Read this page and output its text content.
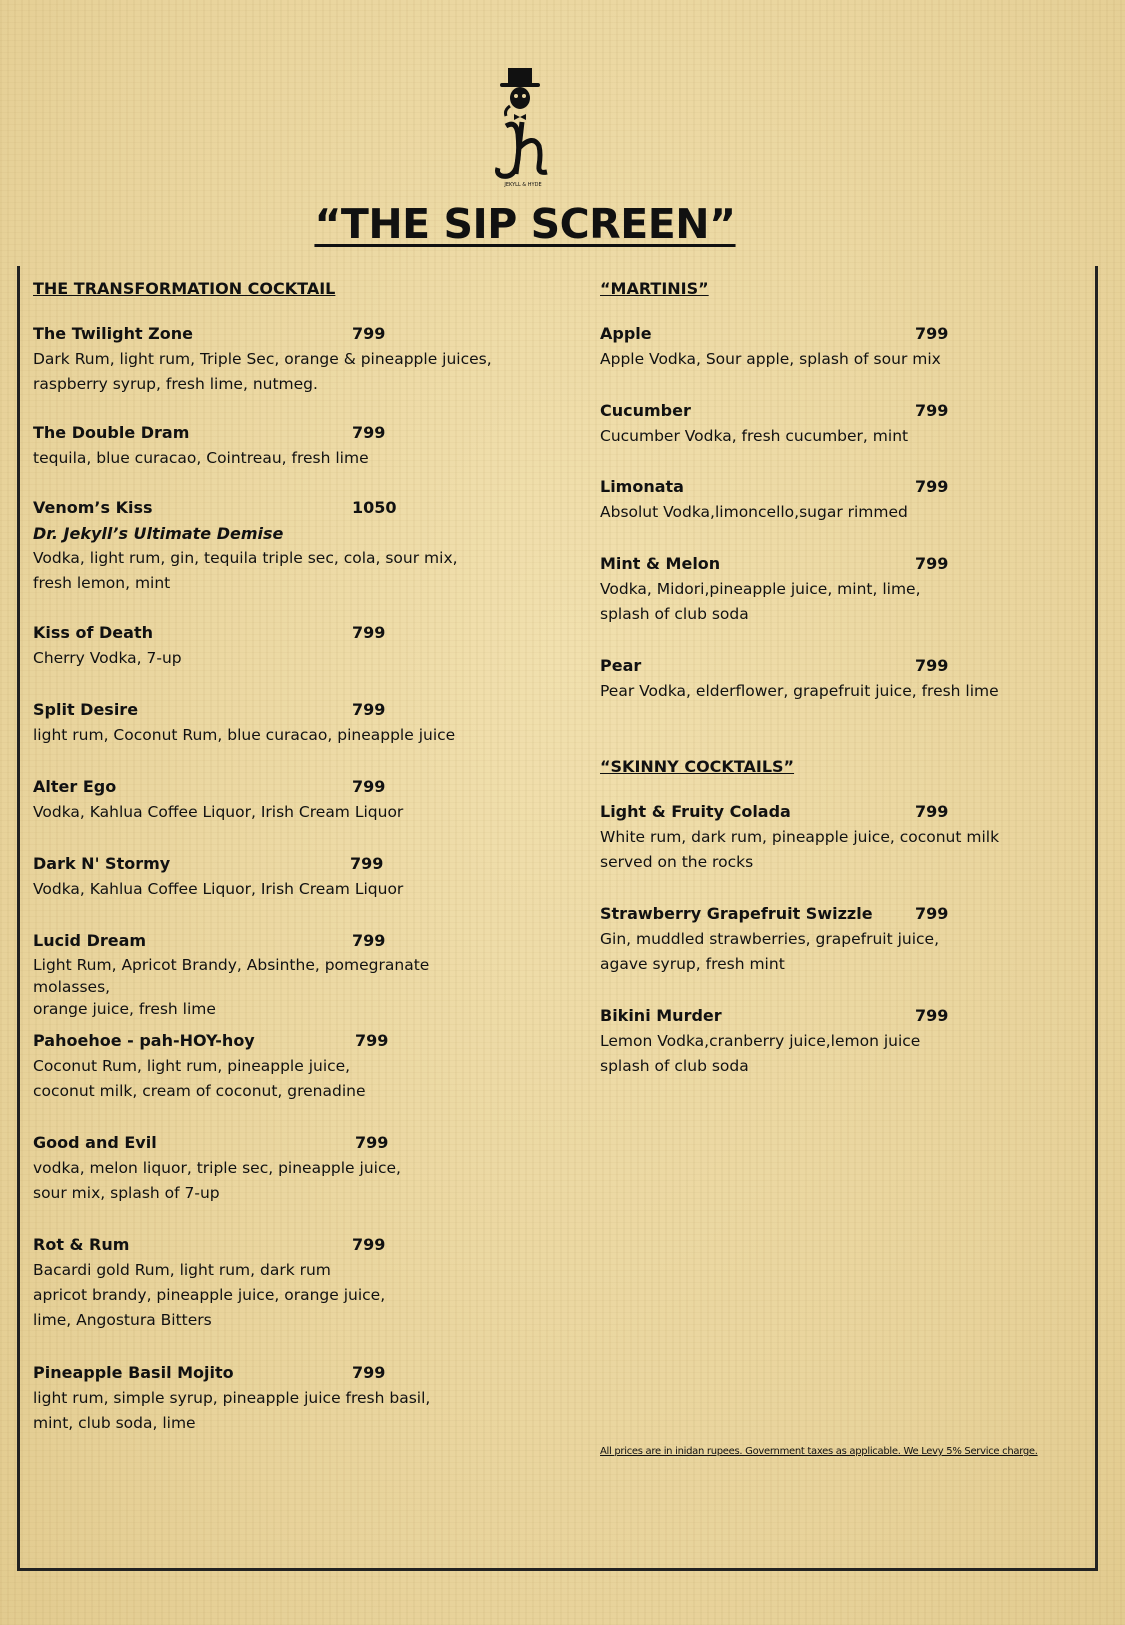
JEKYLL & HYDE
“THE SIP SCREEN”
THE TRANSFORMATION COCKTAIL
The Twilight Zone	799
Dark Rum, light rum, Triple Sec, orange & pineapple juices,
raspberry syrup, fresh lime, nutmeg.
The Double Dram	799
tequila, blue curacao, Cointreau, fresh lime
Venom’s Kiss	1050
Dr. Jekyll’s Ultimate Demise
Vodka, light rum, gin, tequila triple sec, cola, sour mix,
fresh lemon, mint
Kiss of Death	799
Cherry Vodka, 7-up
Split Desire	799
light rum, Coconut Rum, blue curacao, pineapple juice
Alter Ego	799
Vodka, Kahlua Coffee Liquor, Irish Cream Liquor
Dark N' Stormy	799
Vodka, Kahlua Coffee Liquor, Irish Cream Liquor
Lucid Dream	799
Light Rum, Apricot Brandy, Absinthe, pomegranate molasses,
orange juice, fresh lime
Pahoehoe - pah-HOY-hoy	799
Coconut Rum, light rum, pineapple juice,
coconut milk, cream of coconut, grenadine
Good and Evil	799
vodka, melon liquor, triple sec, pineapple juice,
sour mix, splash of 7-up
Rot & Rum	799
Bacardi gold Rum, light rum, dark rum
apricot brandy, pineapple juice, orange juice,
lime, Angostura Bitters
Pineapple Basil Mojito	799
light rum, simple syrup, pineapple juice fresh basil,
mint, club soda, lime
“MARTINIS”
Apple	799
Apple Vodka, Sour apple, splash of sour mix
Cucumber	799
Cucumber Vodka, fresh cucumber, mint
Limonata	799
Absolut Vodka,limoncello,sugar rimmed
Mint & Melon	799
Vodka, Midori,pineapple juice, mint, lime,
splash of club soda
Pear	799
Pear Vodka, elderflower, grapefruit juice, fresh lime
“SKINNY COCKTAILS”
Light & Fruity Colada	799
White rum, dark rum, pineapple juice, coconut milk
served on the rocks
Strawberry Grapefruit Swizzle	799
Gin, muddled strawberries, grapefruit juice,
agave syrup, fresh mint
Bikini Murder	799
Lemon Vodka,cranberry juice,lemon juice
splash of club soda
All prices are in inidan rupees. Government taxes as applicable. We Levy 5% Service charge.
